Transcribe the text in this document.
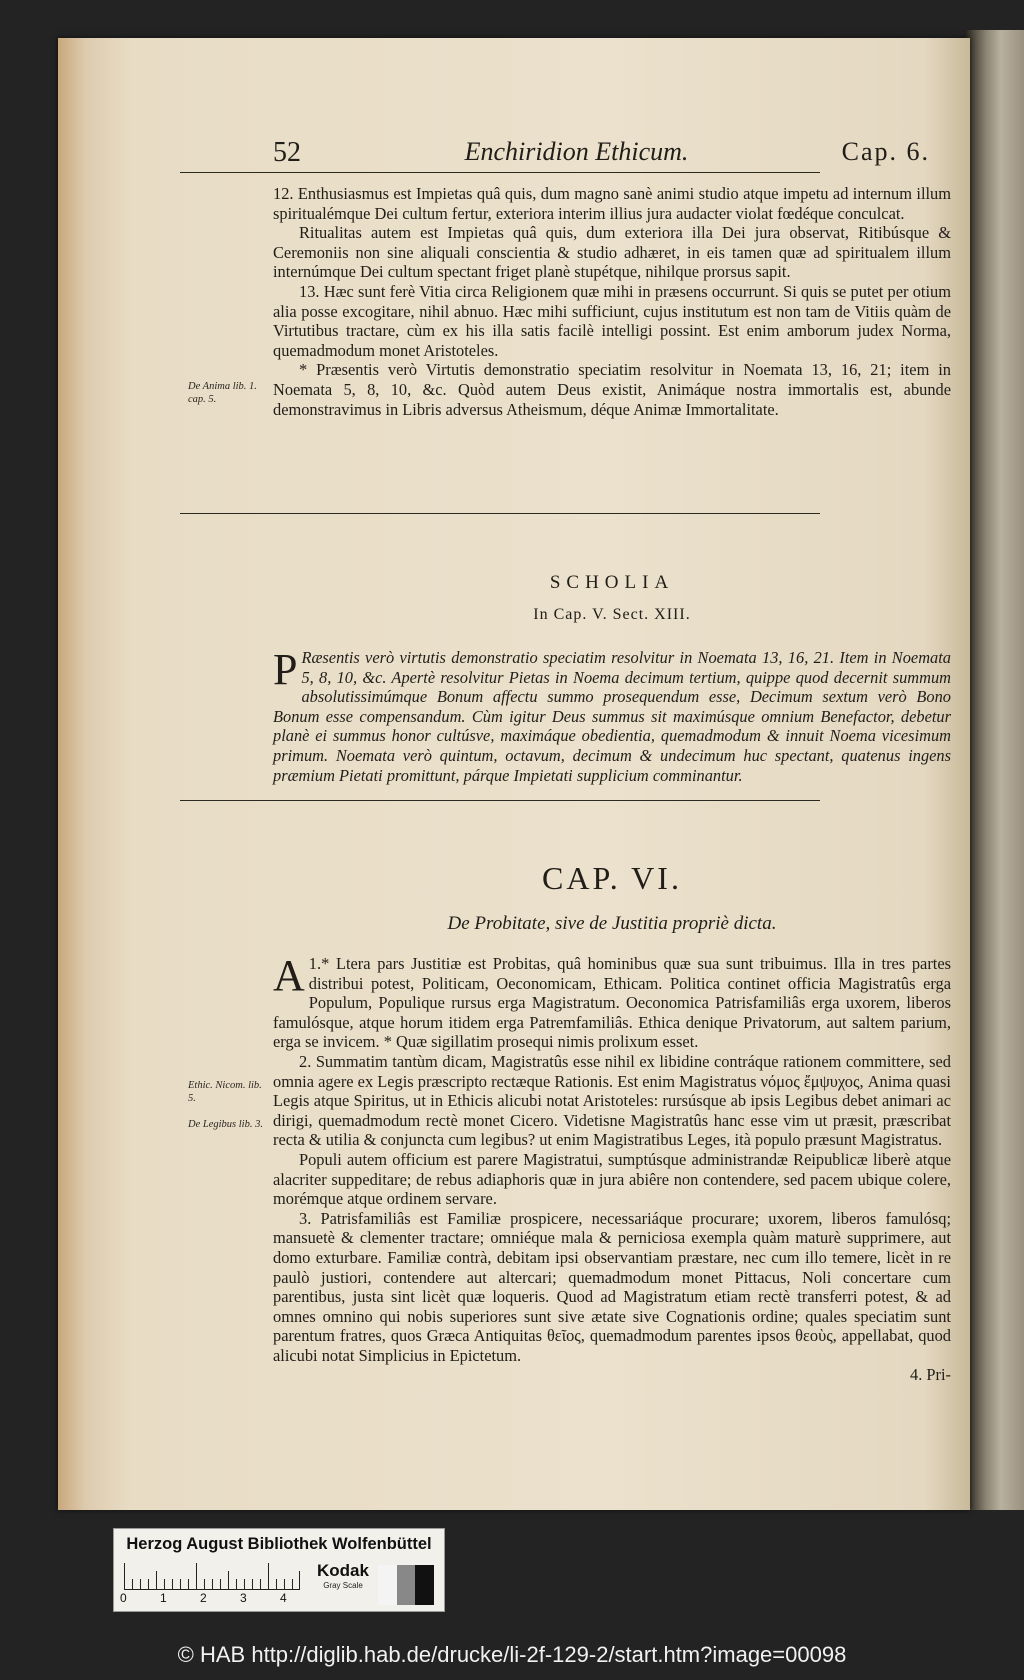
52	Enchiridion Ethicum.	Cap. 6.

12. Enthusiasmus est Impietas quâ quis, dum magno sanè animi studio atque impetu ad internum illum spiritualémque Dei cultum fertur, exteriora interim illius jura audacter violat fœdéque conculcat.

Ritualitas autem est Impietas quâ quis, dum exteriora illa Dei jura observat, Ritibúsque & Ceremoniis non sine aliquali conscientia & studio adhæret, in eis tamen quæ ad spiritualem illum internúmque Dei cultum spectant friget planè stupétque, nihilque prorsus sapit.

13. Hæc sunt ferè Vitia circa Religionem quæ mihi in præsens occurrunt. Si quis se putet per otium alia posse excogitare, nihil abnuo. Hæc mihi sufficiunt, cujus institutum est non tam de Vitiis quàm de Virtutibus tractare, cùm ex his illa satis facilè intelligi possint. Est enim amborum judex Norma, quemadmodum monet Aristoteles.

* Præsentis verò Virtutis demonstratio speciatim resolvitur in Noemata 13, 16, 21; item in Noemata 5, 8, 10, &c. Quòd autem Deus existit, Animáque nostra immortalis est, abunde demonstravimus in Libris adversus Atheismum, déque Animæ Immortalitate.

De Anima lib. 1. cap. 5.
SCHOLIA
In Cap. V. Sect. XIII.

P Ræsentis verò virtutis demonstratio speciatim resolvitur in Noemata 13, 16, 21. Item in Noemata 5, 8, 10, &c. Apertè resolvitur Pietas in Noema decimum tertium, quippe quod decernit summum absolutissimúmque Bonum affectu summo prosequendum esse, Decimum sextum verò Bono Bonum esse compensandum. Cùm igitur Deus summus sit maximúsque omnium Benefactor, debetur planè ei summus honor cultúsve, maximáque obedientia, quemadmodum & innuit Noema vicesimum primum. Noemata verò quintum, octavum, decimum & undecimum huc spectant, quatenus ingens præmium Pietati promittunt, párque Impietati supplicium comminantur.

CAP. VI.
De Probitate, sive de Justitia propriè dicta.

1.*
A Ltera pars Justitiæ est Probitas, quâ hominibus quæ sua sunt tribuimus. Illa in tres partes distribui potest, Politicam, Oeconomicam, Ethicam. Politica continet officia Magistratûs erga Populum, Populique rursus erga Magistratum. Oeconomica Patrisfamiliâs erga uxorem, liberos famulósque, atque horum itidem erga Patremfamiliâs. Ethica denique Privatorum, aut saltem parium, erga se invicem. * Quæ sigillatim prosequi nimis prolixum esset.

2. Summatim tantùm dicam, Magistratûs esse nihil ex libidine contráque rationem committere, sed omnia agere ex Legis præscripto rectæque Rationis. Est enim Magistratus νόμος ἔμψυχος, Anima quasi Legis atque Spiritus, ut in Ethicis alicubi notat Aristoteles: rursúsque ab ipsis Legibus debet animari ac dirigi, quemadmodum rectè monet Cicero. Videtisne Magistratûs hanc esse vim ut præsit, præscribat recta & utilia & conjuncta cum legibus? ut enim Magistratibus Leges, ità populo præsunt Magistratus.

Populi autem officium est parere Magistratui, sumptúsque administrandæ Reipublicæ liberè atque alacriter suppeditare; de rebus adiaphoris quæ in jura abiêre non contendere, sed pacem ubique colere, morémque atque ordinem servare.

3. Patrisfamiliâs est Familiæ prospicere, necessariáque procurare; uxorem, liberos famulósq; mansuetè & clementer tractare; omniéque mala & perniciosa exempla quàm maturè supprimere, aut domo exturbare. Familiæ contrà, debitam ipsi observantiam præstare, nec cum illo temere, licèt in re paulò justiori, contendere aut altercari; quemadmodum monet Pittacus, Noli concertare cum parentibus, justa sint licèt quæ loqueris. Quod ad Magistratum etiam rectè transferri potest, & ad omnes omnino qui nobis superiores sunt sive ætate sive Cognationis ordine; quales speciatim sunt parentum fratres, quos Græca Antiquitas θεῖος, quemadmodum parentes ipsos θεοὺς, appellabat, quod alicubi notat Simplicius in Epictetum.

4. Pri-

Ethic. Nicom. lib. 5.
De Legibus lib. 3.
Herzog August Bibliothek Wolfenbüttel
0	1	2	3	4
Kodak
Gray Scale
© HAB http://diglib.hab.de/drucke/li-2f-129-2/start.htm?image=00098
